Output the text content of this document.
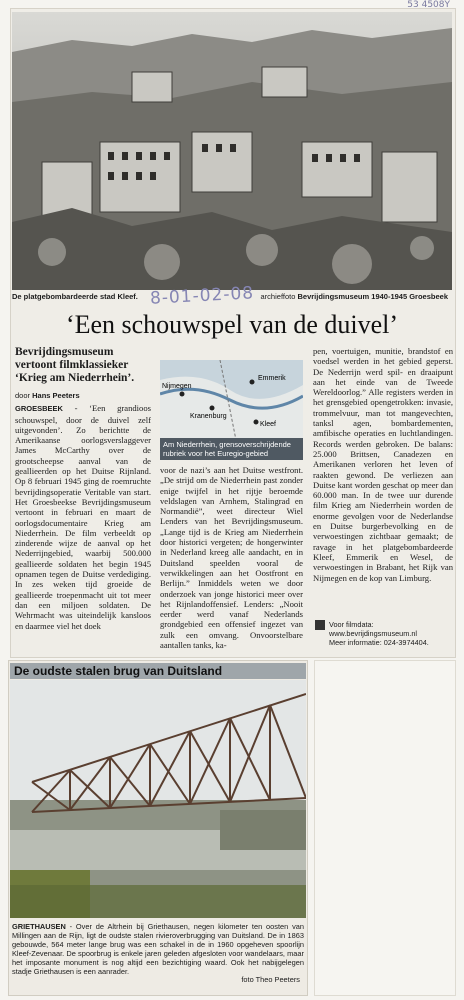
53 4508Y
De platgebombardeerde stad Kleef.	archieffoto Bevrijdingsmuseum 1940-1945 Groesbeek
8-01-02-08
‘Een schouwspel van de duivel’
Bevrijdingsmuseum vertoont filmklassieker ‘Krieg am Niederrhein’.
door Hans Peeters

GROESBEEK - ‘Een grandioos schouwspel, door de duivel zelf uitgevonden’. Zo berichtte de Amerikaanse oorlogsverslaggever James McCarthy over de grootscheepse aanval van de geallieerden op het Duitse Rijnland. Op 8 februari 1945 ging de roemruchte bevrijdingsoperatie Veritable van start. Het Groesbeekse Bevrijdingsmuseum vertoont in februari en maart de oorlogsdocumentaire Krieg am Niederrhein. De film verbeeldt op zinderende wijze de aanval op het Nederrijngebied, waarbij 500.000 geallieerde soldaten het begin 1945 opnamen tegen de Duitse verdediging. In zes weken tijd groeide de geallieerde troepenmacht uit tot meer dan een miljoen soldaten. De Wehrmacht was uiteindelijk kansloos en daarmee viel het doek

Emmerik
Nijmegen
Kranenburg
Kleef
Am Niederrhein, grensoverschrijdende rubriek voor het Euregio-gebied

voor de nazi’s aan het Duitse westfront. „De strijd om de Niederrhein past zonder enige twijfel in het rijtje beroemde veldslagen van Arnhem, Stalingrad en Normandië”, weet directeur Wiel Lenders van het Bevrijdingsmuseum. „Lange tijd is de Krieg am Niederrhein door historici vergeten; de hongerwinter in Nederland kreeg alle aandacht, en in Duitsland speelden vooral de verwikkelingen aan het Oostfront en Berlijn.” Inmiddels weten we door onderzoek van jonge historici meer over het Rijnlandoffensief. Lenders: „Nooit eerder werd vanaf Nederlands grondgebied een offensief ingezet van zulk een omvang. Onvoorstelbare aantallen tanks, ka-

pen, voertuigen, munitie, brandstof en voedsel werden in het gebied geperst. De Nederrijn werd spil- en draaipunt aan het einde van de Tweede Wereldoorlog.” Alle registers werden in het grensgebied opengetrokken: invasie, trommelvuur, man tot mangevechten, tanksl agen, bombardementen, amfibische operaties en luchtlandingen. Records werden gebroken. De balans: 25.000 Brittsen, Canadezen en Amerikanen verloren het leven of raakten gewond. De verliezen aan Duitse kant worden geschat op meer dan 60.000 man. In de twee uur durende film Krieg am Niederrhein worden de enorme gevolgen voor de Nederlandse en Duitse burgerbevolking en de verwoestingen zichtbaar gemaakt; de ravage in het platgebombardeerde Kleef, Emmerik en Wesel, de verwoestingen in Brabant, het Rijk van Nijmegen en de kop van Limburg.

Voor filmdata:
www.bevrijdingsmuseum.nl
Meer informatie: 024-3974404.
De oudste stalen brug van Duitsland
GRIETHAUSEN - Over de Altrhein bij Griethausen, negen kilometer ten oosten van Millingen aan de Rijn, ligt de oudste stalen rivieroverbrugging van Duitsland. De in 1863 gebouwde, 564 meter lange brug was een schakel in de in 1960 opgeheven spoorlijn Kleef-Zevenaar. De spoorbrug is enkele jaren geleden afgesloten voor wandelaars, maar het imposante monument is nog altijd een bezichtiging waard. Ook het nabijgelegen stadje Griethausen is een aanrader.
foto Theo Peeters
